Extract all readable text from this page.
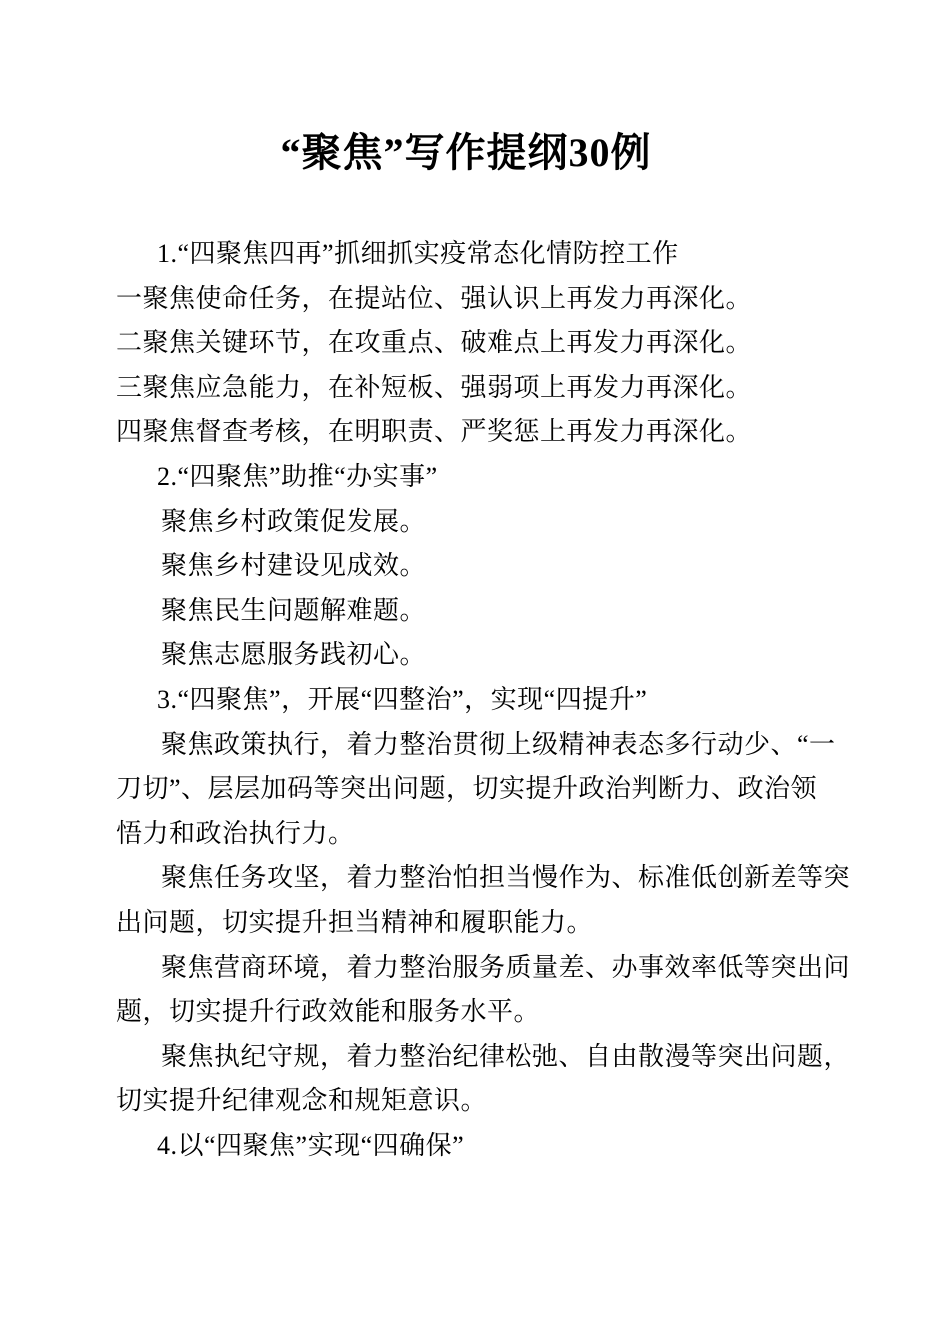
“聚焦”写作提纲30例
1.“四聚焦四再”抓细抓实疫常态化情防控工作
一聚焦使命任务，在提站位、强认识上再发力再深化。
二聚焦关键环节，在攻重点、破难点上再发力再深化。
三聚焦应急能力，在补短板、强弱项上再发力再深化。
四聚焦督查考核，在明职责、严奖惩上再发力再深化。
2.“四聚焦”助推“办实事”
聚焦乡村政策促发展。
聚焦乡村建设见成效。
聚焦民生问题解难题。
聚焦志愿服务践初心。
3.“四聚焦”，开展“四整治”，实现“四提升”
聚焦政策执行，着力整治贯彻上级精神表态多行动少、“一
刀切”、层层加码等突出问题，切实提升政治判断力、政治领
悟力和政治执行力。
聚焦任务攻坚，着力整治怕担当慢作为、标准低创新差等突
出问题，切实提升担当精神和履职能力。
聚焦营商环境，着力整治服务质量差、办事效率低等突出问
题，切实提升行政效能和服务水平。
聚焦执纪守规，着力整治纪律松弛、自由散漫等突出问题，
切实提升纪律观念和规矩意识。
4.以“四聚焦”实现“四确保”
